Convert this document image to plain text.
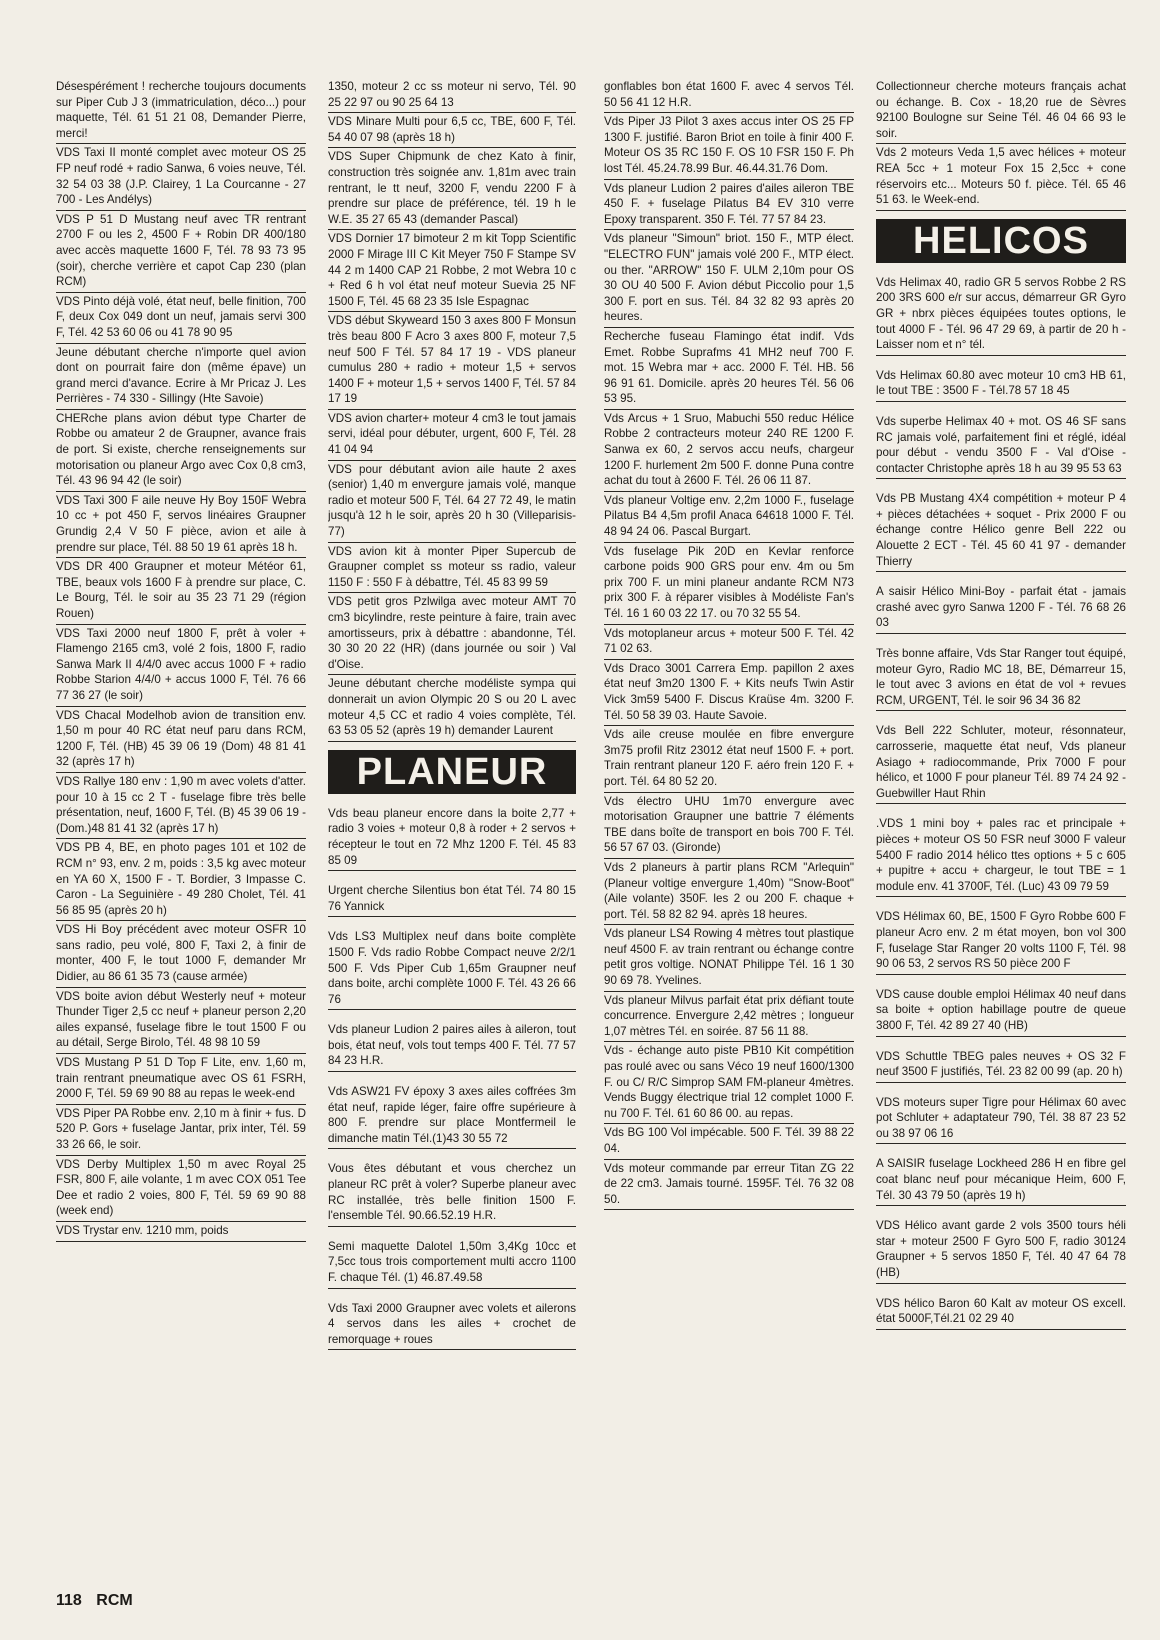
Désespérément ! recherche toujours documents sur Piper Cub J 3 (immatriculation, déco...) pour maquette, Tél. 61 51 21 08, Demander Pierre, merci!
VDS Taxi II monté complet avec moteur OS 25 FP neuf rodé + radio Sanwa, 6 voies neuve, Tél. 32 54 03 38 (J.P. Clairey, 1 La Courcanne - 27 700 - Les Andélys)
VDS P 51 D Mustang neuf avec TR rentrant 2700 F ou les 2, 4500 F + Robin DR 400/180 avec accès maquette 1600 F, Tél. 78 93 73 95 (soir), cherche verrière et capot Cap 230 (plan RCM)
VDS Pinto déjà volé, état neuf, belle finition, 700 F, deux Cox 049 dont un neuf, jamais servi 300 F, Tél. 42 53 60 06 ou 41 78 90 95
Jeune débutant cherche n'importe quel avion dont on pourrait faire don (même épave) un grand merci d'avance. Ecrire à Mr Pricaz J. Les Perrières - 74 330 - Sillingy (Hte Savoie)
CHERche plans avion début type Charter de Robbe ou amateur 2 de Graupner, avance frais de port. Si existe, cherche renseignements sur motorisation ou planeur Argo avec Cox 0,8 cm3, Tél. 43 96 94 42 (le soir)
VDS Taxi 300 F aile neuve Hy Boy 150F Webra 10 cc + pot 450 F, servos linéaires Graupner Grundig 2,4 V 50 F pièce, avion et aile à prendre sur place, Tél. 88 50 19 61 après 18 h.
VDS DR 400 Graupner et moteur Météor 61, TBE, beaux vols 1600 F à prendre sur place, C. Le Bourg, Tél. le soir au 35 23 71 29 (région Rouen)
VDS Taxi 2000 neuf 1800 F, prêt à voler + Flamengo 2165 cm3, volé 2 fois, 1800 F, radio Sanwa Mark II 4/4/0 avec accus 1000 F + radio Robbe Starion 4/4/0 + accus 1000 F, Tél. 76 66 77 36 27 (le soir)
VDS Chacal Modelhob avion de transition env. 1,50 m pour 40 RC état neuf paru dans RCM, 1200 F, Tél. (HB) 45 39 06 19 (Dom) 48 81 41 32 (après 17 h)
VDS Rallye 180 env : 1,90 m avec volets d'atter. pour 10 à 15 cc 2 T - fuselage fibre très belle présentation, neuf, 1600 F, Tél. (B) 45 39 06 19 - (Dom.)48 81 41 32 (après 17 h)
VDS PB 4, BE, en photo pages 101 et 102 de RCM n° 93, env. 2 m, poids : 3,5 kg avec moteur en YA 60 X, 1500 F - T. Bordier, 3 Impasse C. Caron - La Seguinière - 49 280 Cholet, Tél. 41 56 85 95 (après 20 h)
VDS Hi Boy précédent avec moteur OSFR 10 sans radio, peu volé, 800 F, Taxi 2, à finir de monter, 400 F, le tout 1000 F, demander Mr Didier, au 86 61 35 73 (cause armée)
VDS boite avion début Westerly neuf + moteur Thunder Tiger 2,5 cc neuf + planeur person 2,20 ailes expansé, fuselage fibre le tout 1500 F ou au détail, Serge Birolo, Tél. 48 98 10 59
VDS Mustang P 51 D Top F Lite, env. 1,60 m, train rentrant pneumatique avec OS 61 FSRH, 2000 F, Tél. 59 69 90 88 au repas le week-end
VDS Piper PA Robbe env. 2,10 m à finir + fus. D 520 P. Gors + fuselage Jantar, prix inter, Tél. 59 33 26 66, le soir.
VDS Derby Multiplex 1,50 m avec Royal 25 FSR, 800 F, aile volante, 1 m avec COX 051 Tee Dee et radio 2 voies, 800 F, Tél. 59 69 90 88 (week end)
VDS Trystar env. 1210 mm, poids
1350, moteur 2 cc ss moteur ni servo, Tél. 90 25 22 97 ou 90 25 64 13
VDS Minare Multi pour 6,5 cc, TBE, 600 F, Tél. 54 40 07 98 (après 18 h)
VDS Super Chipmunk de chez Kato à finir, construction très soignée anv. 1,81m avec train rentrant, le tt neuf, 3200 F, vendu 2200 F à prendre sur place de préférence, tél. 19 h le W.E. 35 27 65 43 (demander Pascal)
VDS Dornier 17 bimoteur 2 m kit Topp Scientific 2000 F Mirage III C Kit Meyer 750 F Stampe SV 44 2 m 1400 CAP 21 Robbe, 2 mot Webra 10 c + Red 6 h vol état neuf moteur Suevia 25 NF 1500 F, Tél. 45 68 23 35 Isle Espagnac
VDS début Skyweard 150 3 axes 800 F Monsun très beau 800 F Acro 3 axes 800 F, moteur 7,5 neuf 500 F Tél. 57 84 17 19 - VDS planeur cumulus 280 + radio + moteur 1,5 + servos 1400 F + moteur 1,5 + servos 1400 F, Tél. 57 84 17 19
VDS avion charter+ moteur 4 cm3 le tout jamais servi, idéal pour débuter, urgent, 600 F, Tél. 28 41 04 94
VDS pour débutant avion aile haute 2 axes (senior) 1,40 m envergure jamais volé, manque radio et moteur 500 F, Tél. 64 27 72 49, le matin jusqu'à 12 h le soir, après 20 h 30 (Villeparisis-77)
VDS avion kit à monter Piper Supercub de Graupner complet ss moteur ss radio, valeur 1150 F : 550 F à débattre, Tél. 45 83 99 59
VDS petit gros Pzlwilga avec moteur AMT 70 cm3 bicylindre, reste peinture à faire, train avec amortisseurs, prix à débattre : abandonne, Tél. 30 30 20 22 (HR) (dans journée ou soir ) Val d'Oise.
Jeune débutant cherche modéliste sympa qui donnerait un avion Olympic 20 S ou 20 L avec moteur 4,5 CC et radio 4 voies complète, Tél. 63 53 05 52 (après 19 h) demander Laurent
PLANEUR
Vds beau planeur encore dans la boite 2,77 + radio 3 voies + moteur 0,8 à roder + 2 servos + récepteur le tout en 72 Mhz 1200 F. Tél. 45 83 85 09
Urgent cherche Silentius bon état Tél. 74 80 15 76 Yannick
Vds LS3 Multiplex neuf dans boite complète 1500 F. Vds radio Robbe Compact neuve 2/2/1 500 F. Vds Piper Cub 1,65m Graupner neuf dans boite, archi complète 1000 F. Tél. 43 26 66 76
Vds planeur Ludion 2 paires ailes à aileron, tout bois, état neuf, vols tout temps 400 F. Tél. 77 57 84 23 H.R.
Vds ASW21 FV époxy 3 axes ailes coffrées 3m état neuf, rapide léger, faire offre supérieure à 800 F. prendre sur place Montfermeil le dimanche matin Tél.(1)43 30 55 72
Vous êtes débutant et vous cherchez un planeur RC prêt à voler? Superbe planeur avec RC installée, très belle finition 1500 F. l'ensemble Tél. 90.66.52.19 H.R.
Semi maquette Dalotel 1,50m 3,4Kg 10cc et 7,5cc tous trois comportement multi accro 1100 F. chaque Tél. (1) 46.87.49.58
Vds Taxi 2000 Graupner avec volets et ailerons 4 servos dans les ailes + crochet de remorquage + roues
gonflables bon état 1600 F. avec 4 servos Tél. 50 56 41 12 H.R.
Vds Piper J3 Pilot 3 axes accus inter OS 25 FP 1300 F. justifié. Baron Briot en toile à finir 400 F. Moteur OS 35 RC 150 F. OS 10 FSR 150 F. Ph lost Tél. 45.24.78.99 Bur. 46.44.31.76 Dom.
Vds planeur Ludion 2 paires d'ailes aileron TBE 450 F. + fuselage Pilatus B4 EV 310 verre Epoxy transparent. 350 F. Tél. 77 57 84 23.
Vds planeur "Simoun" briot. 150 F., MTP élect. "ELECTRO FUN" jamais volé 200 F., MTP élect. ou ther. "ARROW" 150 F. ULM 2,10m pour OS 30 OU 40 500 F. Avion début Piccolio pour 1,5 300 F. port en sus. Tél. 84 32 82 93 après 20 heures.
Recherche fuseau Flamingo état indif. Vds Emet. Robbe Suprafms 41 MH2 neuf 700 F. mot. 15 Webra mar + acc. 2000 F. Tél. HB. 56 96 91 61. Domicile. après 20 heures Tél. 56 06 53 95.
Vds Arcus + 1 Sruo, Mabuchi 550 reduc Hélice Robbe 2 contracteurs moteur 240 RE 1200 F. Sanwa ex 60, 2 servos accu neufs, chargeur 1200 F. hurlement 2m 500 F. donne Puna contre achat du tout à 2600 F. Tél. 26 06 11 87.
Vds planeur Voltige env. 2,2m 1000 F., fuselage Pilatus B4 4,5m profil Anaca 64618 1000 F. Tél. 48 94 24 06. Pascal Burgart.
Vds fuselage Pik 20D en Kevlar renforce carbone poids 900 GRS pour env. 4m ou 5m prix 700 F. un mini planeur andante RCM N73 prix 300 F. à réparer visibles à Modéliste Fan's Tél. 16 1 60 03 22 17. ou 70 32 55 54.
Vds motoplaneur arcus + moteur 500 F. Tél. 42 71 02 63.
Vds Draco 3001 Carrera Emp. papillon 2 axes état neuf 3m20 1300 F. + Kits neufs Twin Astir Vick 3m59 5400 F. Discus Kraüse 4m. 3200 F. Tél. 50 58 39 03. Haute Savoie.
Vds aile creuse moulée en fibre envergure 3m75 profil Ritz 23012 état neuf 1500 F. + port. Train rentrant planeur 120 F. aéro frein 120 F. + port. Tél. 64 80 52 20.
Vds électro UHU 1m70 envergure avec motorisation Graupner une battrie 7 éléments TBE dans boîte de transport en bois 700 F. Tél. 56 57 67 03. (Gironde)
Vds 2 planeurs à partir plans RCM "Arlequin" (Planeur voltige envergure 1,40m) "Snow-Boot" (Aile volante) 350F. les 2 ou 200 F. chaque + port. Tél. 58 82 82 94. après 18 heures.
Vds planeur LS4 Rowing 4 mètres tout plastique neuf 4500 F. av train rentrant ou échange contre petit gros voltige. NONAT Philippe Tél. 16 1 30 90 69 78. Yvelines.
Vds planeur Milvus parfait état prix défiant toute concurrence. Envergure 2,42 mètres ; longueur 1,07 mètres Tél. en soirée. 87 56 11 88.
Vds - échange auto piste PB10 Kit compétition pas roulé avec ou sans Véco 19 neuf 1600/1300 F. ou C/ R/C Simprop SAM FM-planeur 4mètres. Vends Buggy électrique trial 12 complet 1000 F. nu 700 F. Tél. 61 60 86 00. au repas.
Vds BG 100 Vol impécable. 500 F. Tél. 39 88 22 04.
Vds moteur commande par erreur Titan ZG 22 de 22 cm3. Jamais tourné. 1595F. Tél. 76 32 08 50.
Collectionneur cherche moteurs français achat ou échange. B. Cox - 18,20 rue de Sèvres 92100 Boulogne sur Seine Tél. 46 04 66 93 le soir.
Vds 2 moteurs Veda 1,5 avec hélices + moteur REA 5cc + 1 moteur Fox 15 2,5cc + cone réservoirs etc... Moteurs 50 f. pièce. Tél. 65 46 51 63. le Week-end.
HELICOS
Vds Helimax 40, radio GR 5 servos Robbe 2 RS 200 3RS 600 e/r sur accus, démarreur GR Gyro GR + nbrx pièces équipées toutes options, le tout 4000 F - Tél. 96 47 29 69, à partir de 20 h - Laisser nom et n° tél.
Vds Helimax 60.80 avec moteur 10 cm3 HB 61, le tout TBE : 3500 F - Tél.78 57 18 45
Vds superbe Helimax 40 + mot. OS 46 SF sans RC jamais volé, parfaitement fini et réglé, idéal pour début - vendu 3500 F - Val d'Oise - contacter Christophe après 18 h au 39 95 53 63
Vds PB Mustang 4X4 compétition + moteur P 4 + pièces détachées + soquet - Prix 2000 F ou échange contre Hélico genre Bell 222 ou Alouette 2 ECT - Tél. 45 60 41 97 - demander Thierry
A saisir Hélico Mini-Boy - parfait état - jamais crashé avec gyro Sanwa 1200 F - Tél. 76 68 26 03
Très bonne affaire, Vds Star Ranger tout équipé, moteur Gyro, Radio MC 18, BE, Démarreur 15, le tout avec 3 avions en état de vol + revues RCM, URGENT, Tél. le soir 96 34 36 82
Vds Bell 222 Schluter, moteur, résonnateur, carrosserie, maquette état neuf, Vds planeur Asiago + radiocommande, Prix 7000 F pour hélico, et 1000 F pour planeur Tél. 89 74 24 92 - Guebwiller Haut Rhin
.VDS 1 mini boy + pales rac et principale + pièces + moteur OS 50 FSR neuf 3000 F valeur 5400 F radio 2014 hélico ttes options + 5 c 605 + pupitre + accu + chargeur, le tout TBE = 1 module env. 41 3700F, Tél. (Luc) 43 09 79 59
VDS Hélimax 60, BE, 1500 F Gyro Robbe 600 F planeur Acro env. 2 m état moyen, bon vol 300 F, fuselage Star Ranger 20 volts 1100 F, Tél. 98 90 06 53, 2 servos RS 50 pièce 200 F
VDS cause double emploi Hélimax 40 neuf dans sa boite + option habillage poutre de queue 3800 F, Tél. 42 89 27 40 (HB)
VDS Schuttle TBEG pales neuves + OS 32 F neuf 3500 F justifiés, Tél. 23 82 00 99 (ap. 20 h)
VDS moteurs super Tigre pour Hélimax 60 avec pot Schluter + adaptateur 790, Tél. 38 87 23 52 ou 38 97 06 16
A SAISIR fuselage Lockheed 286 H en fibre gel coat blanc neuf pour mécanique Heim, 600 F, Tél. 30 43 79 50 (après 19 h)
VDS Hélico avant garde 2 vols 3500 tours héli star + moteur 2500 F Gyro 500 F, radio 30124 Graupner + 5 servos 1850 F, Tél. 40 47 64 78 (HB)
VDS hélico Baron 60 Kalt av moteur OS excell. état 5000F,Tél.21 02 29 40
118 RCM
